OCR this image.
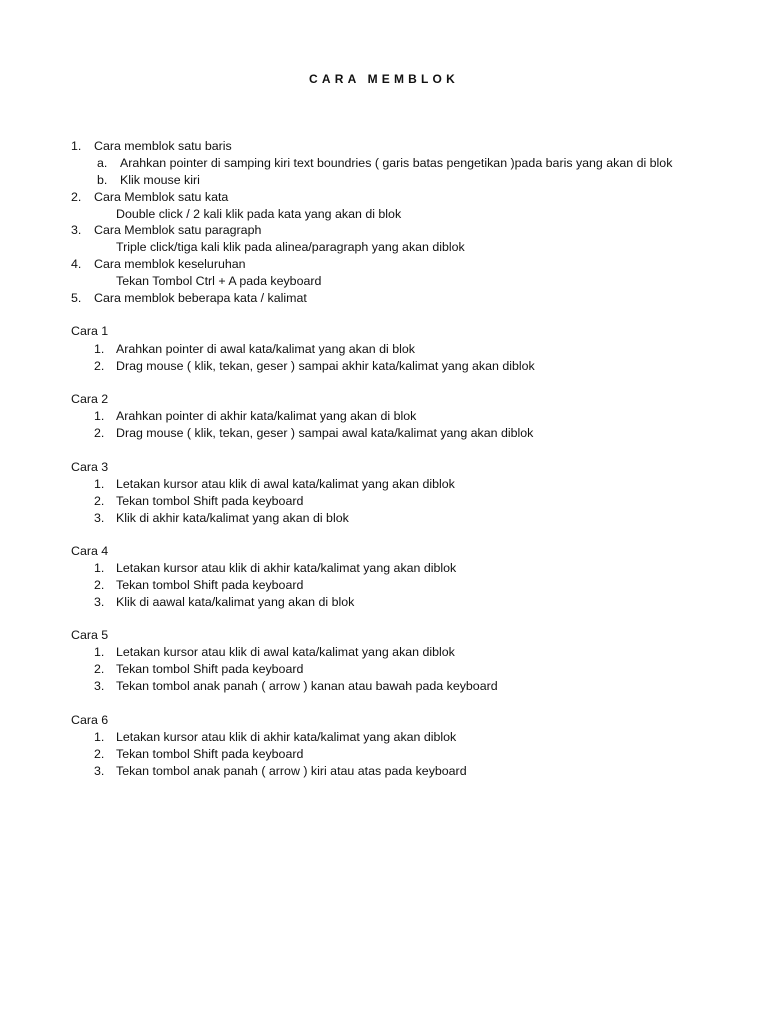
CARA MEMBLOK
1. Cara memblok satu baris
a. Arahkan pointer di samping kiri text boundries ( garis batas pengetikan )pada baris yang akan di blok
b. Klik mouse kiri
2. Cara Memblok satu kata
Double click / 2 kali klik pada kata yang akan di blok
3. Cara Memblok satu paragraph
Triple click/tiga kali klik pada alinea/paragraph yang akan diblok
4. Cara memblok keseluruhan
Tekan Tombol Ctrl + A pada keyboard
5. Cara memblok beberapa kata / kalimat
Cara 1
1. Arahkan pointer di awal kata/kalimat yang akan di blok
2. Drag mouse ( klik, tekan, geser ) sampai akhir kata/kalimat yang akan diblok
Cara 2
1. Arahkan pointer di akhir kata/kalimat yang akan di blok
2. Drag mouse ( klik, tekan, geser ) sampai awal kata/kalimat yang akan diblok
Cara 3
1. Letakan kursor atau klik di awal kata/kalimat yang akan diblok
2. Tekan tombol Shift pada keyboard
3. Klik di akhir kata/kalimat yang akan di blok
Cara 4
1. Letakan kursor atau klik di akhir kata/kalimat yang akan diblok
2. Tekan tombol Shift pada keyboard
3. Klik di aawal kata/kalimat yang akan di blok
Cara 5
1. Letakan kursor atau klik di awal kata/kalimat yang akan diblok
2. Tekan tombol Shift pada keyboard
3. Tekan tombol anak panah ( arrow ) kanan atau bawah pada keyboard
Cara 6
1. Letakan kursor atau klik di akhir kata/kalimat yang akan diblok
2. Tekan tombol Shift pada keyboard
3. Tekan tombol anak panah ( arrow ) kiri atau atas pada keyboard
